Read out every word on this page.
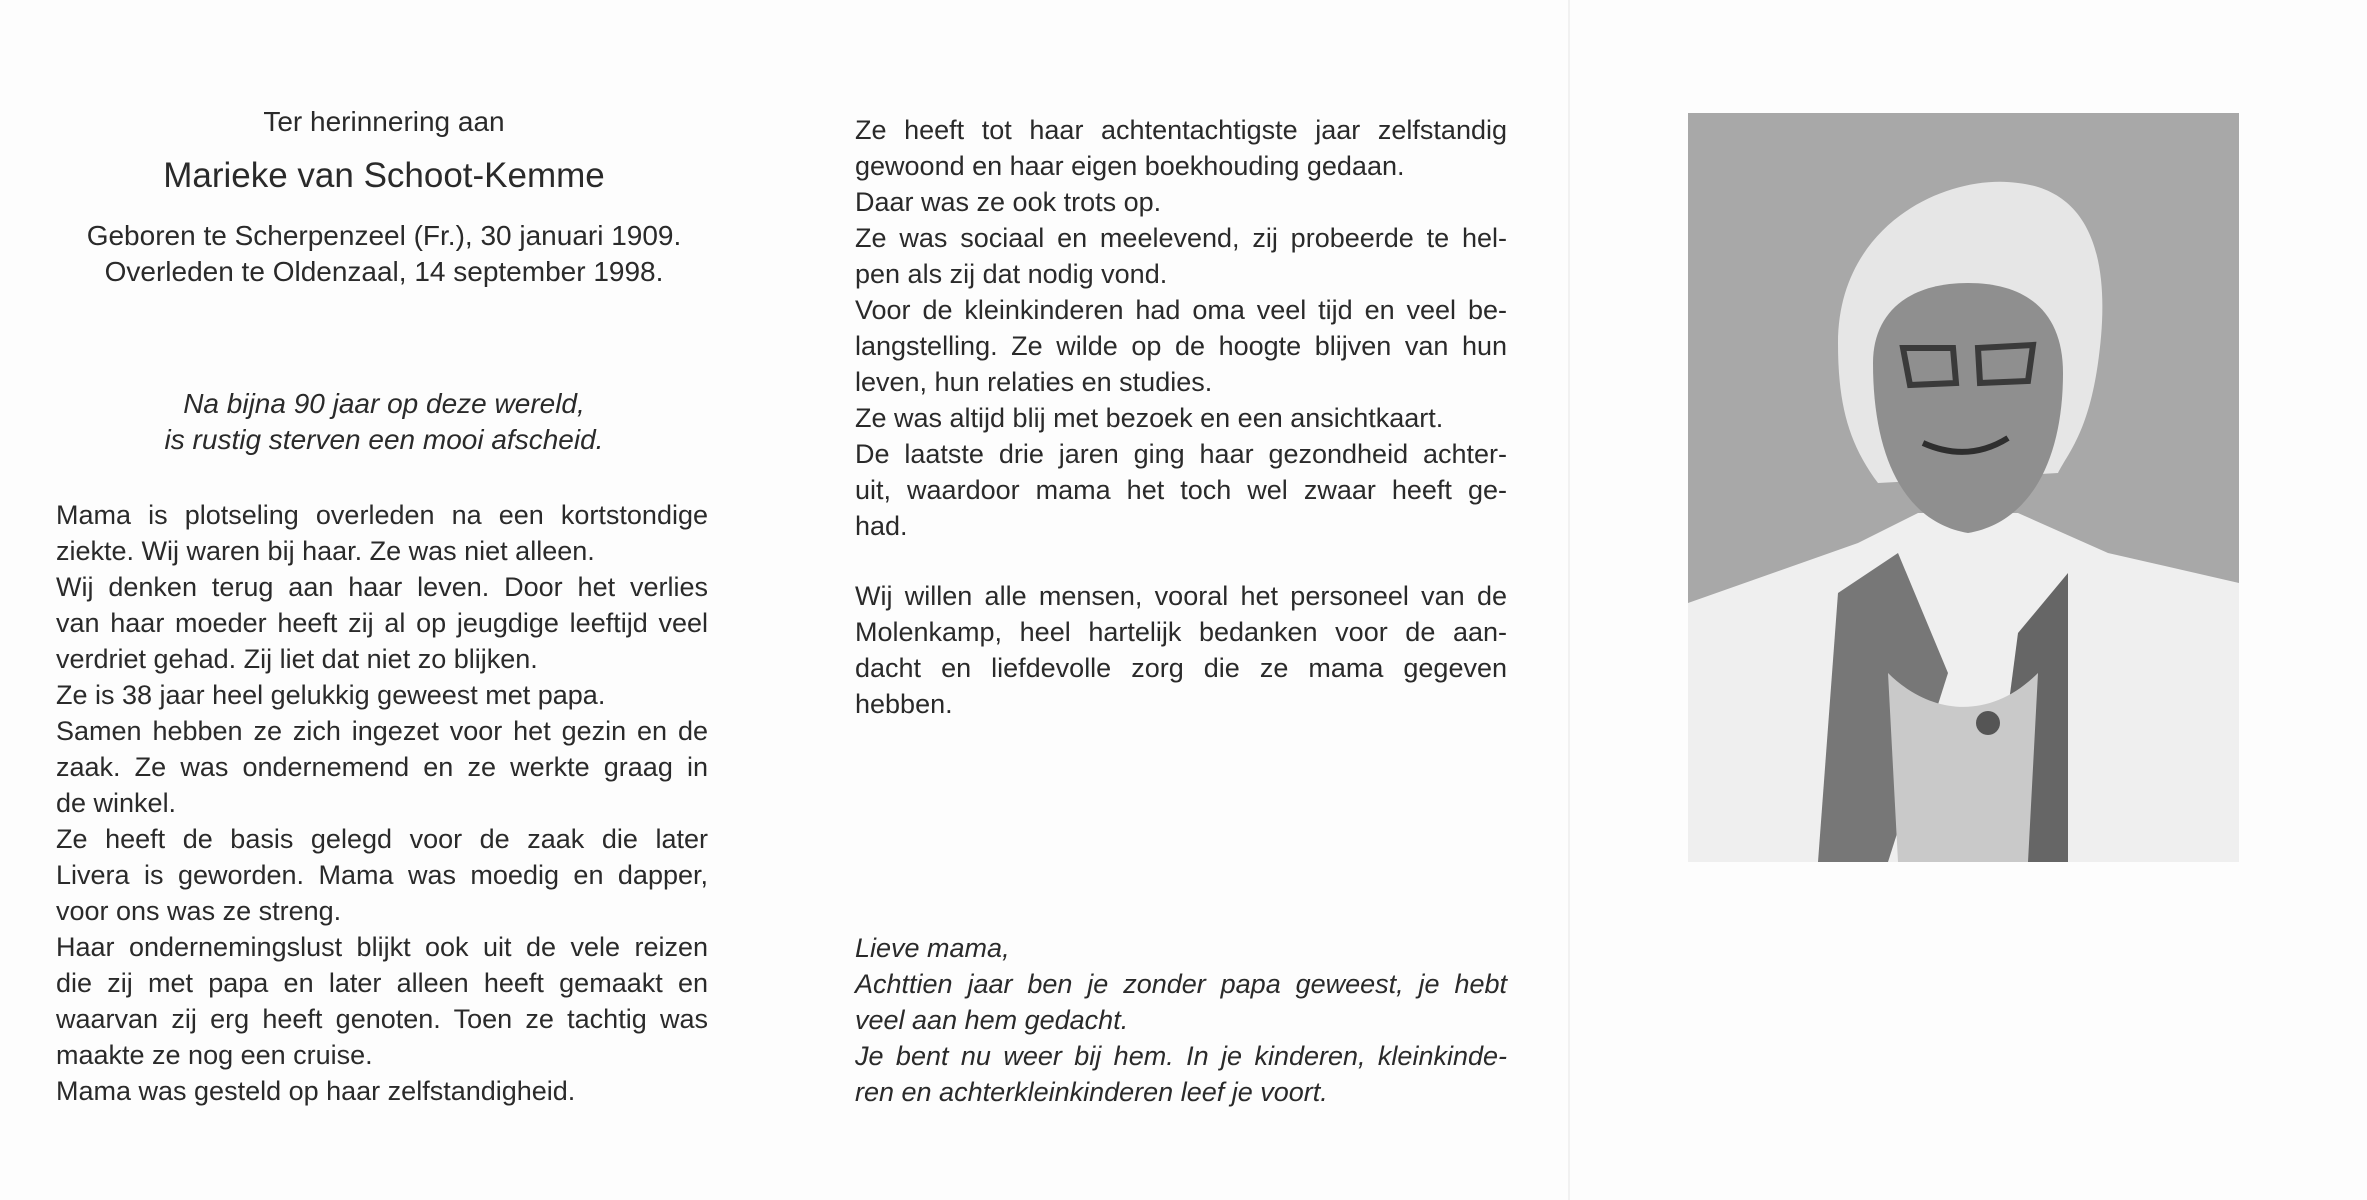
Ter herinnering aan
Marieke van Schoot-Kemme
Geboren te Scherpenzeel (Fr.), 30 januari 1909.
Overleden te Oldenzaal, 14 september 1998.
Na bijna 90 jaar op deze wereld,
is rustig sterven een mooi afscheid.
Mama is plotseling overleden na een kortstondige
ziekte. Wij waren bij haar. Ze was niet alleen.
Wij denken terug aan haar leven. Door het verlies
van haar moeder heeft zij al op jeugdige leeftijd veel
verdriet gehad. Zij liet dat niet zo blijken.
Ze is 38 jaar heel gelukkig geweest met papa.
Samen hebben ze zich ingezet voor het gezin en de
zaak. Ze was ondernemend en ze werkte graag in
de winkel.
Ze heeft de basis gelegd voor de zaak die later
Livera is geworden. Mama was moedig en dapper,
voor ons was ze streng.
Haar ondernemingslust blijkt ook uit de vele reizen
die zij met papa en later alleen heeft gemaakt en
waarvan zij erg heeft genoten. Toen ze tachtig was
maakte ze nog een cruise.
Mama was gesteld op haar zelfstandigheid.
Ze heeft tot haar achtentachtigste jaar zelfstandig
gewoond en haar eigen boekhouding gedaan.
Daar was ze ook trots op.
Ze was sociaal en meelevend, zij probeerde te hel-
pen als zij dat nodig vond.
Voor de kleinkinderen had oma veel tijd en veel be-
langstelling. Ze wilde op de hoogte blijven van hun
leven, hun relaties en studies.
Ze was altijd blij met bezoek en een ansichtkaart.
De laatste drie jaren ging haar gezondheid achter-
uit, waardoor mama het toch wel zwaar heeft ge-
had.
Wij willen alle mensen, vooral het personeel van de
Molenkamp, heel hartelijk bedanken voor de aan-
dacht en liefdevolle zorg die ze mama gegeven
hebben.
Lieve mama,
Achttien jaar ben je zonder papa geweest, je hebt
veel aan hem gedacht.
Je bent nu weer bij hem. In je kinderen, kleinkinde-
ren en achterkleinkinderen leef je voort.
